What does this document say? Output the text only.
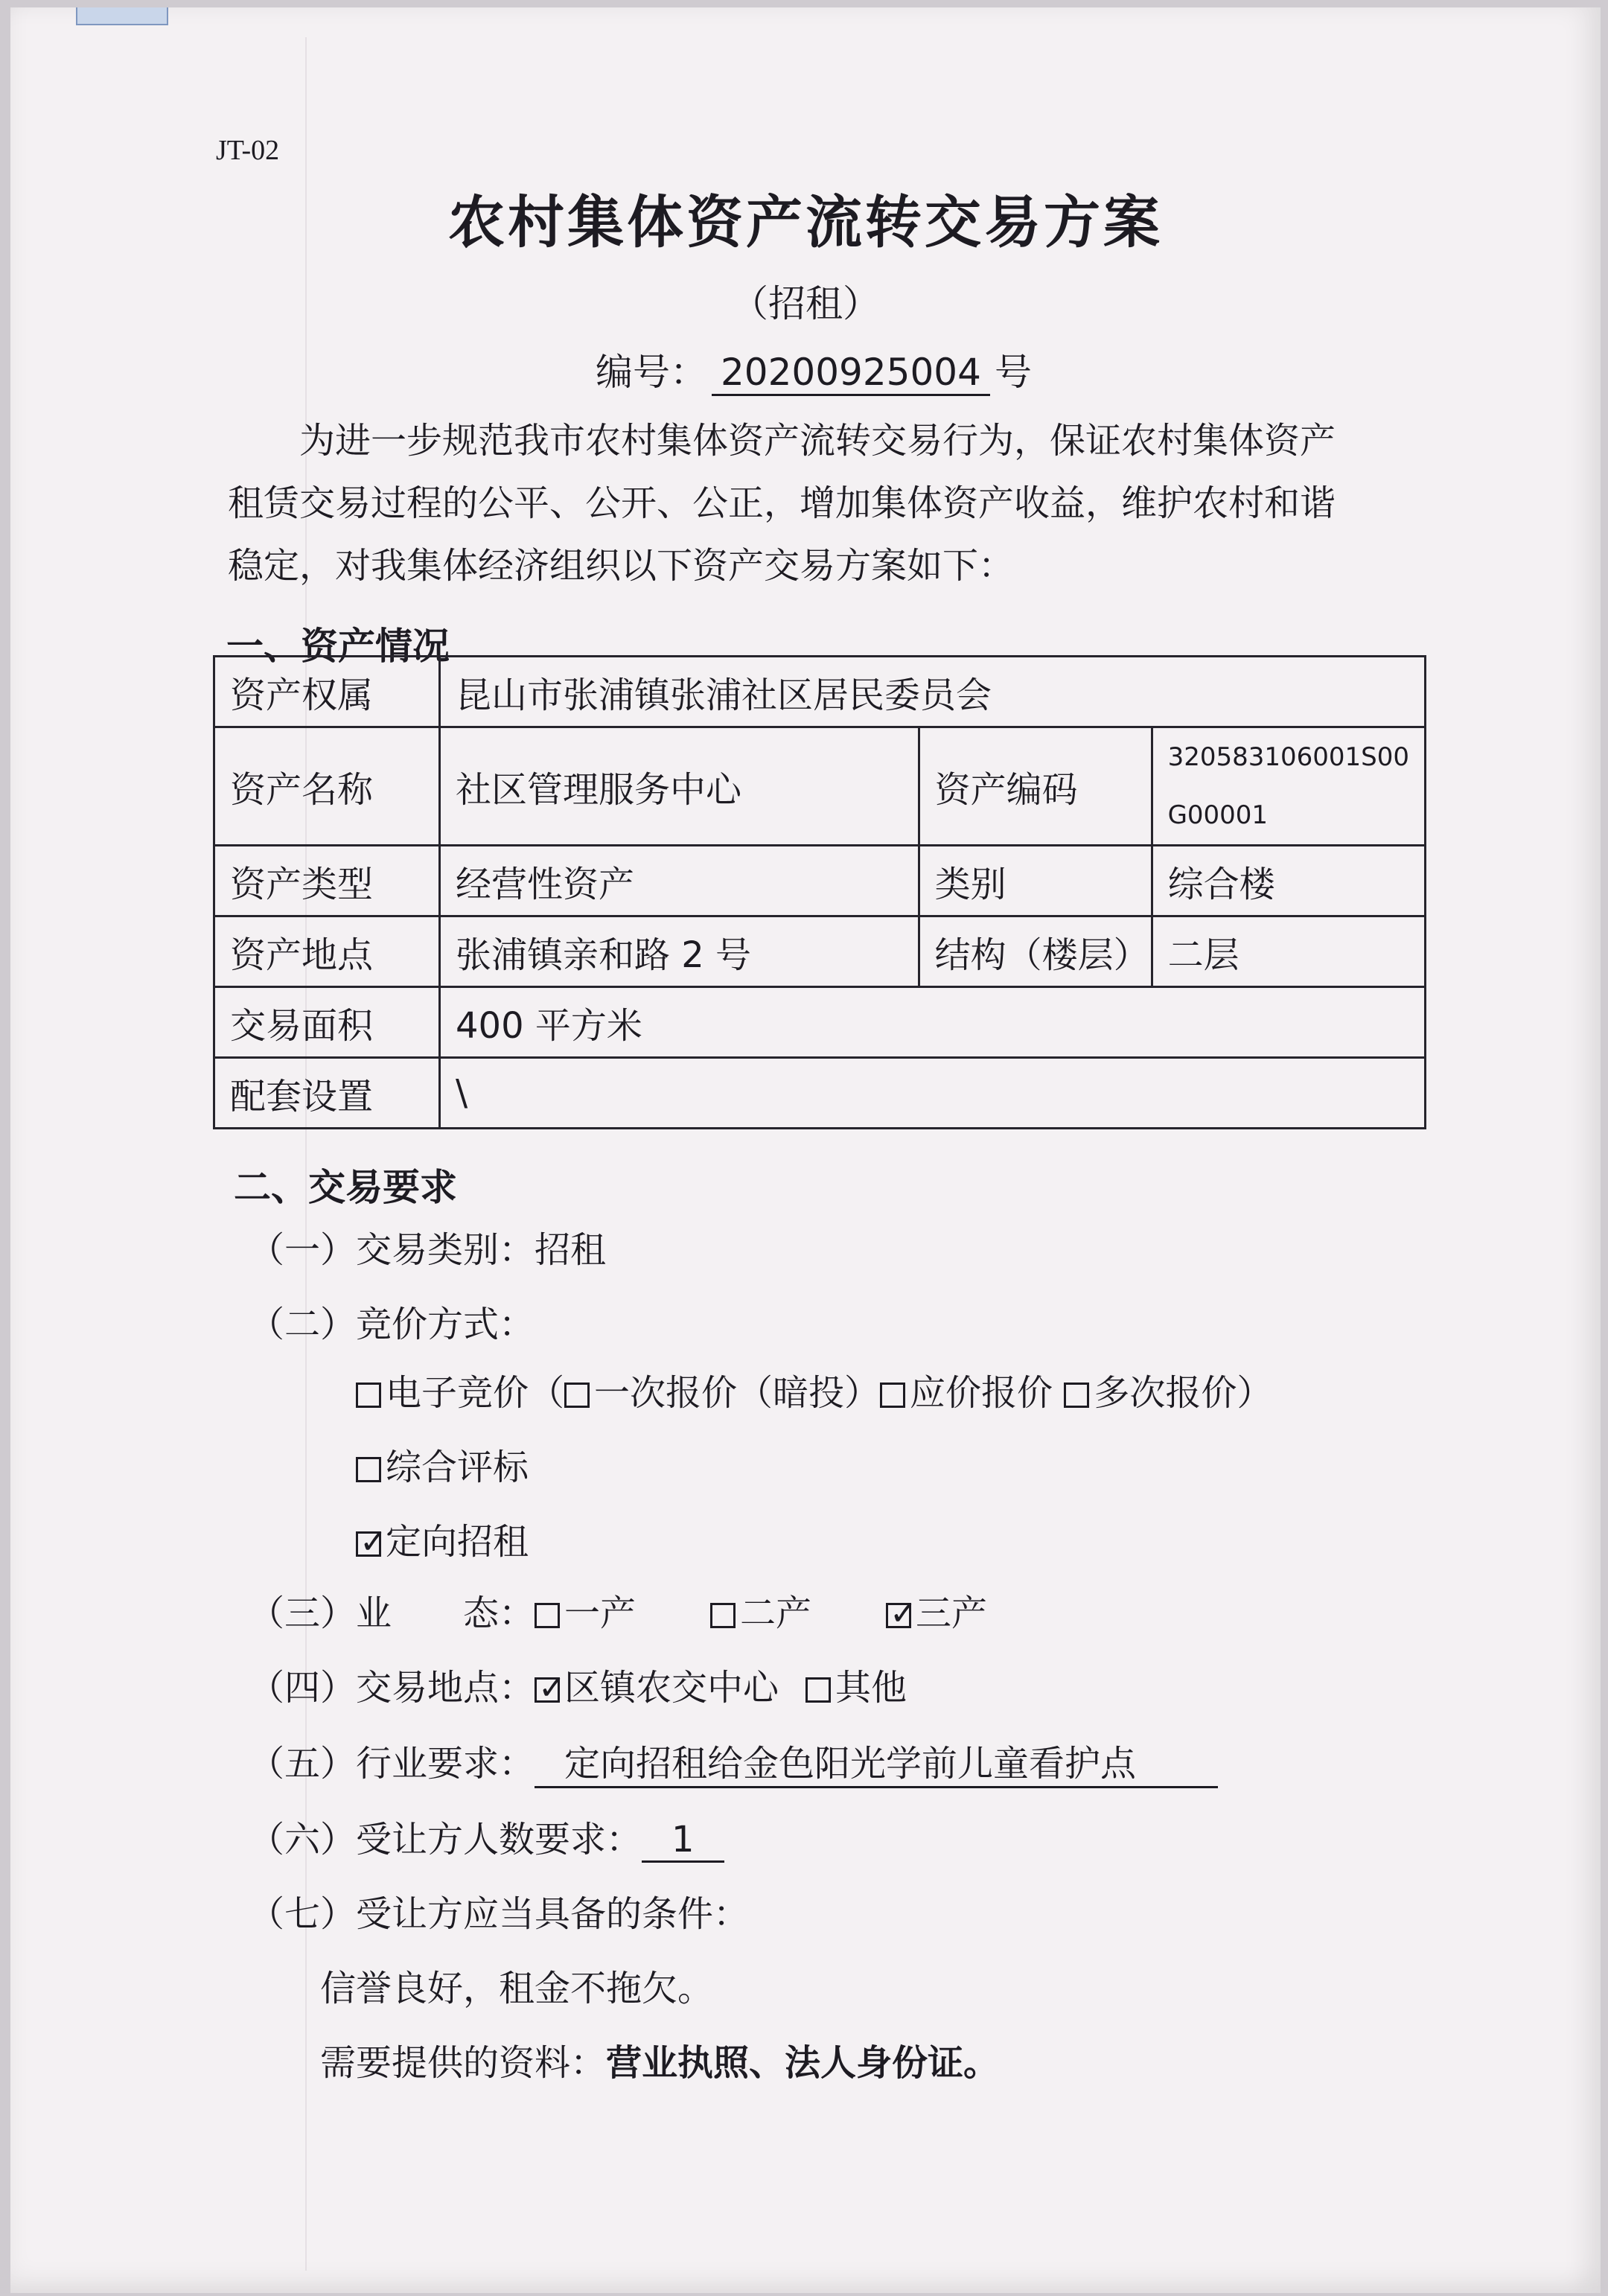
JT-02
农村集体资产流转交易方案
（招租）
编号： 20200925004 号

为进一步规范我市农村集体资产流转交易行为，保证农村集体资产

租赁交易过程的公平、公开、公正，增加集体资产收益，维护农村和谐

稳定，对我集体经济组织以下资产交易方案如下：

一、资产情况
资产权属	昆山市张浦镇张浦社区居民委员会		
资产名称	社区管理服务中心	资产编码	320583106001S00
G00001

资产类型	经营性资产	类别	综合楼
资产地点	张浦镇亲和路 2 号	结构（楼层）	二层
交易面积	400 平方米		
配套设置	\		
二、交易要求
（一）交易类别：招租
（二）竞价方式：
电子竞价（ 一次报价（暗投） 应价报价 多次报价）
综合评标
✓定向招租
（三）业　　态： 一产	二产 ✓	三产
（四）交易地点： ✓ 区镇农交中心 其他
（五）行业要求： 定向招租给金色阳光学前儿童看护点
（六）受让方人数要求： 1
（七）受让方应当具备的条件：
信誉良好，租金不拖欠。
需要提供的资料：营业执照、法人身份证。
